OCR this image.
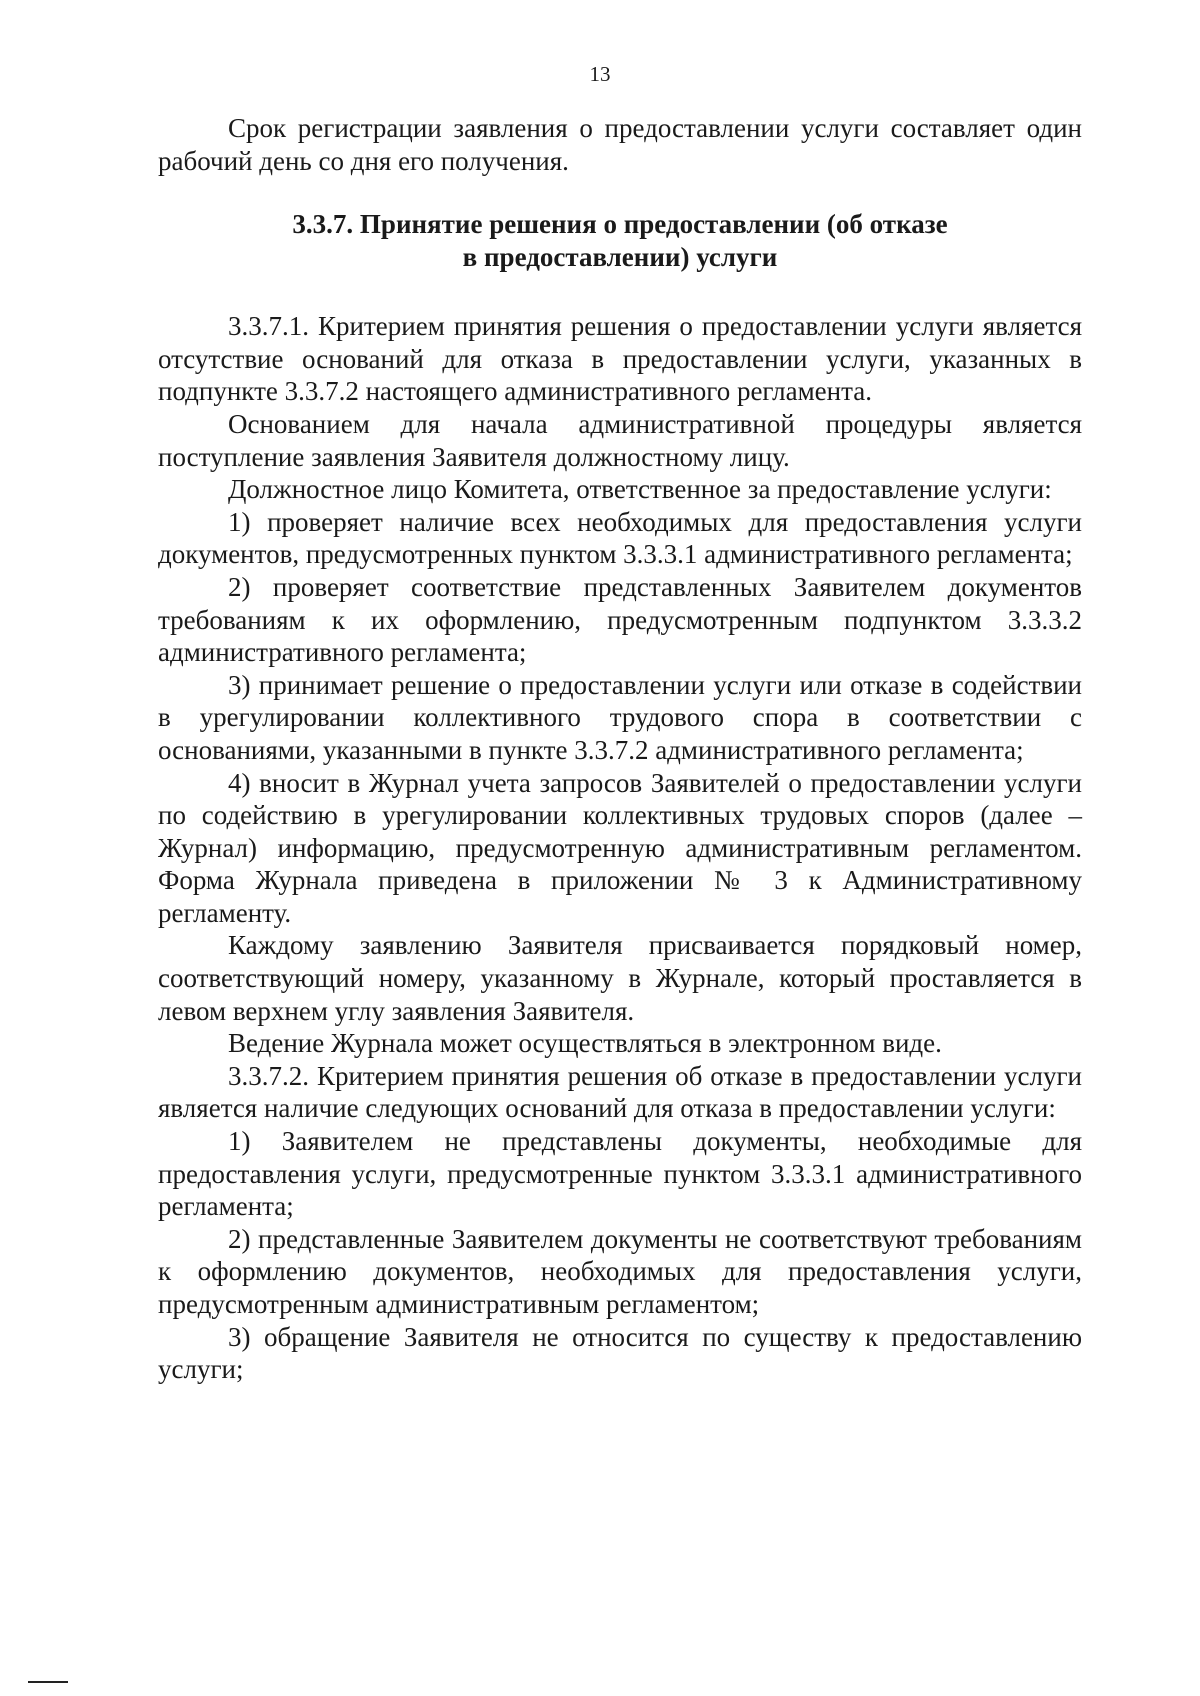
13

Срок регистрации заявления о предоставлении услуги составляет один рабочий день со дня его получения.

3.3.7. Принятие решения о предоставлении (об отказе
в предоставлении) услуги

3.3.7.1. Критерием принятия решения о предоставлении услуги является отсутствие оснований для отказа в предоставлении услуги, указанных в подпункте 3.3.7.2 настоящего административного регламента.

Основанием для начала административной процедуры является поступление заявления Заявителя должностному лицу.

Должностное лицо Комитета, ответственное за предоставление услуги:

1) проверяет наличие всех необходимых для предоставления услуги документов, предусмотренных пунктом 3.3.3.1 административного регламента;

2) проверяет соответствие представленных Заявителем документов требованиям к их оформлению, предусмотренным подпунктом 3.3.3.2 административного регламента;

3) принимает решение о предоставлении услуги или отказе в содействии в урегулировании коллективного трудового спора в соответствии с основаниями, указанными в пункте 3.3.7.2 административного регламента;

4) вносит в Журнал учета запросов Заявителей о предоставлении услуги по содействию в урегулировании коллективных трудовых споров (далее – Журнал) информацию, предусмотренную административным регламентом. Форма Журнала приведена в приложении № 3 к Административному регламенту.

Каждому заявлению Заявителя присваивается порядковый номер, соответствующий номеру, указанному в Журнале, который проставляется в левом верхнем углу заявления Заявителя.

Ведение Журнала может осуществляться в электронном виде.

3.3.7.2. Критерием принятия решения об отказе в предоставлении услуги является наличие следующих оснований для отказа в предоставлении услуги:

1) Заявителем не представлены документы, необходимые для предоставления услуги, предусмотренные пунктом 3.3.3.1 административного регламента;

2) представленные Заявителем документы не соответствуют требованиям к оформлению документов, необходимых для предоставления услуги, предусмотренным административным регламентом;

3) обращение Заявителя не относится по существу к предоставлению услуги;
